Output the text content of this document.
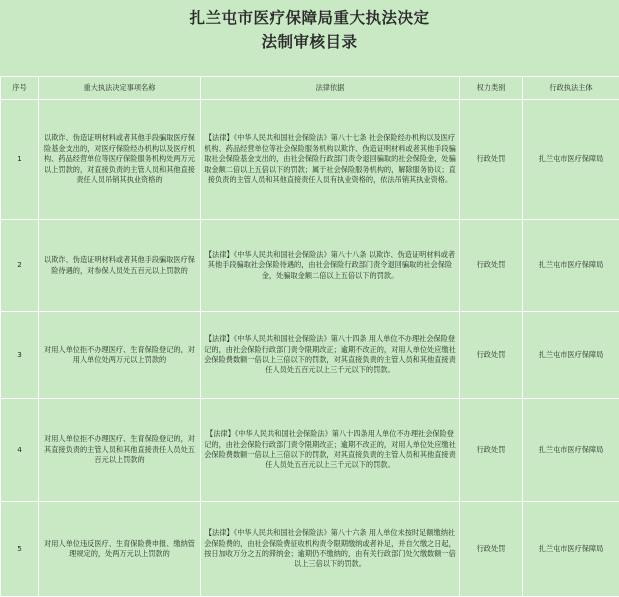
扎兰屯市医疗保障局重大执法决定
法制审核目录
序号	重大执法决定事项名称	法律依据	权力类别	行政执法主体
1	以欺诈、伪造证明材料或者其他手段骗取医疗保险基金支出的，对医疗保险经办机构以及医疗机构、药品经营单位等医疗保险服务机构处两万元以上罚款的，对直接负责的主管人员和其他直接责任人员吊销其执业资格的	【法律】《中华人民共和国社会保险法》第八十七条 社会保险经办机构以及医疗机构、药品经营单位等社会保险服务机构以欺诈、伪造证明材料或者其他手段骗取社会保险基金支出的，由社会保险行政部门责令退回骗取的社会保险金，处骗取金额二倍以上五倍以下的罚款；属于社会保险服务机构的，解除服务协议；直接负责的主管人员和其他直接责任人员有执业资格的，依法吊销其执业资格。	行政处罚	扎兰屯市医疗保障局
2	以欺诈、伪造证明材料或者其他手段骗取医疗保险待遇的，对参保人员处五百元以上罚款的	【法律】《中华人民共和国社会保险法》第八十八条 以欺诈、伪造证明材料或者其他手段骗取社会保险待遇的，由社会保险行政部门责令退回骗取的社会保险金，处骗取金额二倍以上五倍以下的罚款。	行政处罚	扎兰屯市医疗保障局
3	对用人单位拒不办理医疗、生育保险登记的，对用人单位处两万元以上罚款的	【法律】《中华人民共和国社会保险法》第八十四条 用人单位不办理社会保险登记的，由社会保险行政部门责令限期改正；逾期不改正的，对用人单位处应缴社会保险费数额一倍以上三倍以下的罚款，对其直接负责的主管人员和其他直接责任人员处五百元以上三千元以下的罚款。	行政处罚	扎兰屯市医疗保障局
4	对用人单位拒不办理医疗、生育保险登记的，对其直接负责的主管人员和其他直接责任人员处五百元以上罚款的	【法律】《中华人民共和国社会保险法》第八十四条用人单位不办理社会保险登记的，由社会保险行政部门责令限期改正；逾期不改正的，对用人单位处应缴社会保险费数额一倍以上三倍以下的罚款，对其直接负责的主管人员和其他直接责任人员处五百元以上三千元以下的罚款。	行政处罚	扎兰屯市医疗保障局
5	对用人单位违反医疗、生育保险费申报、缴纳管理规定的，处两万元以上罚款的	【法律】《中华人民共和国社会保险法》第八十六条 用人单位未按时足额缴纳社会保险费的，由社会保险费征收机构责令限期缴纳或者补足，并自欠缴之日起，按日加收万分之五的滞纳金；逾期仍不缴纳的，由有关行政部门处欠缴数额一倍以上三倍以下的罚款。	行政处罚	扎兰屯市医疗保障局
